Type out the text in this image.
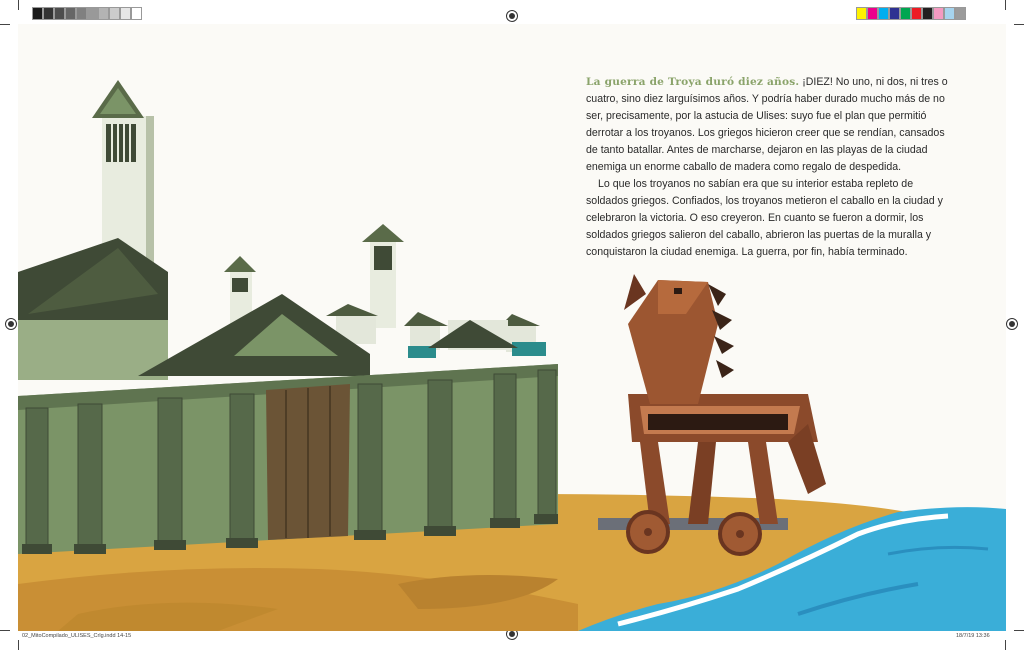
La guerra de Troya duró diez años. ¡DIEZ! No uno, ni dos, ni tres o cuatro, sino diez larguísimos años. Y podría haber durado mucho más de no ser, precisamente, por la astucia de Ulises: suyo fue el plan que permitió derrotar a los troyanos. Los griegos hicieron creer que se rendían, cansados de tanto batallar. Antes de marcharse, dejaron en las playas de la ciudad enemiga un enorme caballo de madera como regalo de despedida.

Lo que los troyanos no sabían era que su interior estaba repleto de soldados griegos. Confiados, los troyanos metieron el caballo en la ciudad y celebraron la victoria. O eso creyeron. En cuanto se fueron a dormir, los soldados griegos salieron del caballo, abrieron las puertas de la muralla y conquistaron la ciudad enemiga. La guerra, por fin, había terminado.

02_MitoCompilado_ULISES_Crlg.indd 14-15	18/7/19 13:36
